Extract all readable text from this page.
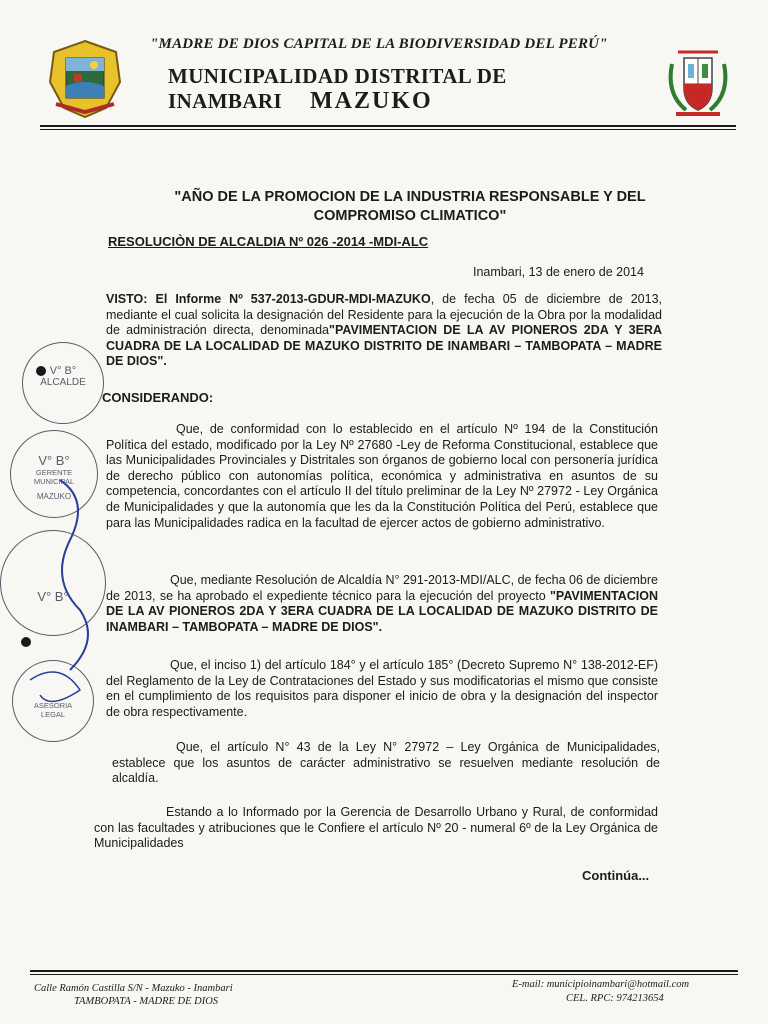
"MADRE DE DIOS CAPITAL DE LA BIODIVERSIDAD DEL PERÚ"
MUNICIPALIDAD DISTRITAL DE INAMBARI	MAZUKO
"AÑO DE LA PROMOCION DE LA INDUSTRIA RESPONSABLE Y DEL
COMPROMISO CLIMATICO"
RESOLUCIÒN DE ALCALDIA Nº 026 -2014 -MDI-ALC
Inambari, 13 de enero de 2014
VISTO: El Informe Nº 537-2013-GDUR-MDI-MAZUKO, de fecha 05 de diciembre de 2013, mediante el cual solicita la designación del Residente para la ejecución de la Obra por la modalidad de administración directa, denominada"PAVIMENTACION DE LA AV PIONEROS 2DA Y 3ERA CUADRA DE LA LOCALIDAD DE MAZUKO DISTRITO DE INAMBARI – TAMBOPATA – MADRE DE DIOS".
CONSIDERANDO:
Que, de conformidad con lo establecido en el artículo Nº 194 de la Constitución Política del estado, modificado por la Ley Nº 27680 -Ley de Reforma Constitucional, establece que las Municipalidades Provinciales y Distritales son órganos de gobierno local con personería jurídica de derecho público con autonomías política, económica y administrativa en asuntos de su competencia, concordantes con el artículo II del título preliminar de la Ley Nº 27972 - Ley Orgánica de Municipalidades y que la autonomía que les da la Constitución Política del Perú, establece que para las Municipalidades radica en la facultad de ejercer actos de gobierno administrativo.
Que, mediante Resolución de Alcaldía N° 291-2013-MDI/ALC, de fecha 06 de diciembre de 2013, se ha aprobado el expediente técnico para la ejecución del proyecto "PAVIMENTACION DE LA AV PIONEROS 2DA Y 3ERA CUADRA DE LA LOCALIDAD DE MAZUKO DISTRITO DE INAMBARI – TAMBOPATA – MADRE DE DIOS".
Que, el inciso 1) del artículo 184° y el artículo 185° (Decreto Supremo N° 138-2012-EF) del Reglamento de la Ley de Contrataciones del Estado y sus modificatorias el mismo que consiste en el cumplimiento de los requisitos para disponer el inicio de obra y la designación del inspector de obra respectivamente.
Que, el artículo N° 43 de la Ley N° 27972 – Ley Orgánica de Municipalidades, establece que los asuntos de carácter administrativo se resuelven mediante resolución de alcaldía.
Estando a lo Informado por la Gerencia de Desarrollo Urbano y Rural, de conformidad con las facultades y atribuciones que le Confiere el artículo Nº 20 - numeral 6º de la Ley Orgánica de Municipalidades
Continúa...
V° B°
ALCALDE
V° B°
GERENTE MUNICIPAL
MAZUKO
V° B°
ASESORIA LEGAL
Calle Ramón Castilla S/N - Mazuko - Inambari
TAMBOPATA - MADRE DE DIOS
E-mail: municipioinambari@hotmail.com
CEL. RPC: 974213654
